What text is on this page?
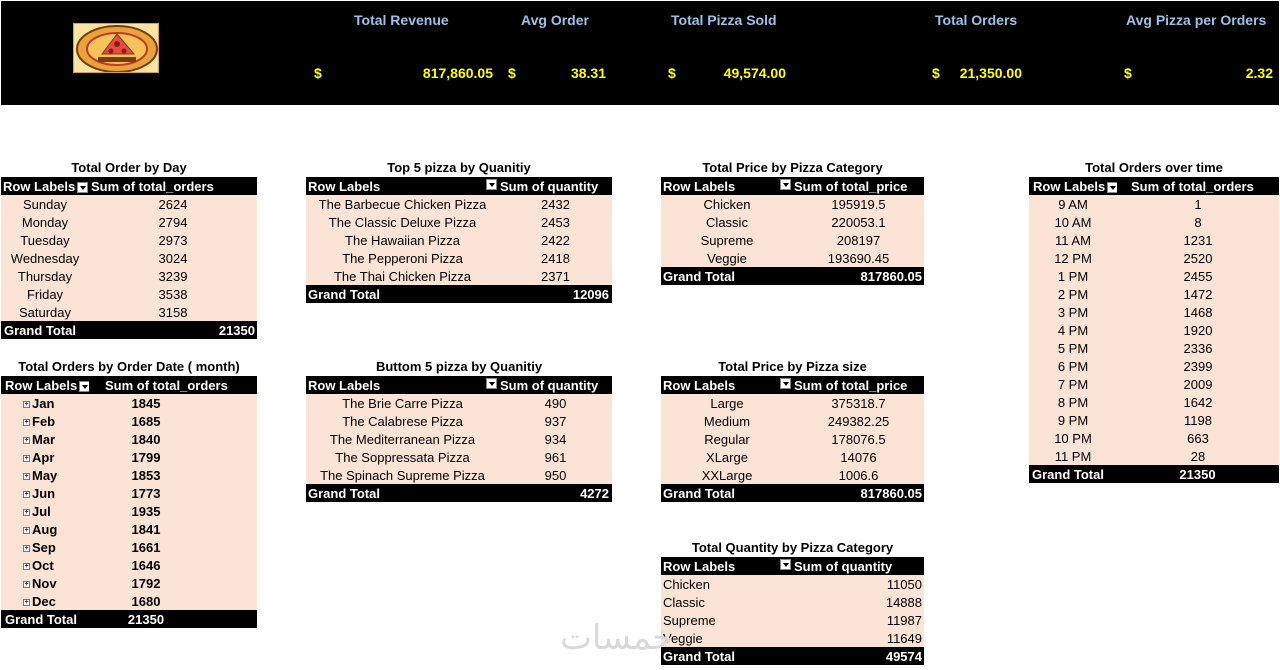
Total Revenue	Avg Order	Total Pizza Sold	Total Orders	Avg Pizza per Orders
$	817,860.05 $	38.31	$	49,574.00	$	21,350.00	$	2.32
Total Order by Day
Row Labels	Sum of total_orders
Sunday	2624
Monday	2794
Tuesday	2973
Wednesday	3024
Thursday	3239
Friday	3538
Saturday	3158
Grand Total	21350
Total Orders by Order Date ( month)
Row Labels	Sum of total_orders
+ Jan	1845
+ Feb	1685
+ Mar	1840
+ Apr	1799
+ May	1853
+ Jun	1773
+ Jul	1935
+ Aug	1841
+ Sep	1661
+ Oct	1646
+ Nov	1792
+ Dec	1680
Grand Total	21350
Top 5 pizza by Quanitiy
Row Labels	Sum of quantity
The Barbecue Chicken Pizza	2432
The Classic Deluxe Pizza	2453
The Hawaiian Pizza	2422
The Pepperoni Pizza	2418
The Thai Chicken Pizza	2371
Grand Total	12096
Buttom 5 pizza by Quanitiy
Row Labels	Sum of quantity
The Brie Carre Pizza	490
The Calabrese Pizza	937
The Mediterranean Pizza	934
The Soppressata Pizza	961
The Spinach Supreme Pizza	950
Grand Total	4272
Total Price by Pizza Category
Row Labels	Sum of total_price
Chicken	195919.5
Classic	220053.1
Supreme	208197
Veggie	193690.45
Grand Total	817860.05
Total Price by Pizza size
Row Labels	Sum of total_price
Large	375318.7
Medium	249382.25
Regular	178076.5
XLarge	14076
XXLarge	1006.6
Grand Total	817860.05
Total Quantity by Pizza Category
Row Labels	Sum of quantity
Chicken	11050
Classic	14888
Supreme	11987
Veggie	11649
Grand Total	49574
Total Orders over time
Row Labels	Sum of total_orders
9 AM	1
10 AM	8
11 AM	1231
12 PM	2520
1 PM	2455
2 PM	1472
3 PM	1468
4 PM	1920
5 PM	2336
6 PM	2399
7 PM	2009
8 PM	1642
9 PM	1198
10 PM	663
11 PM	28
Grand Total	21350
خمسات
